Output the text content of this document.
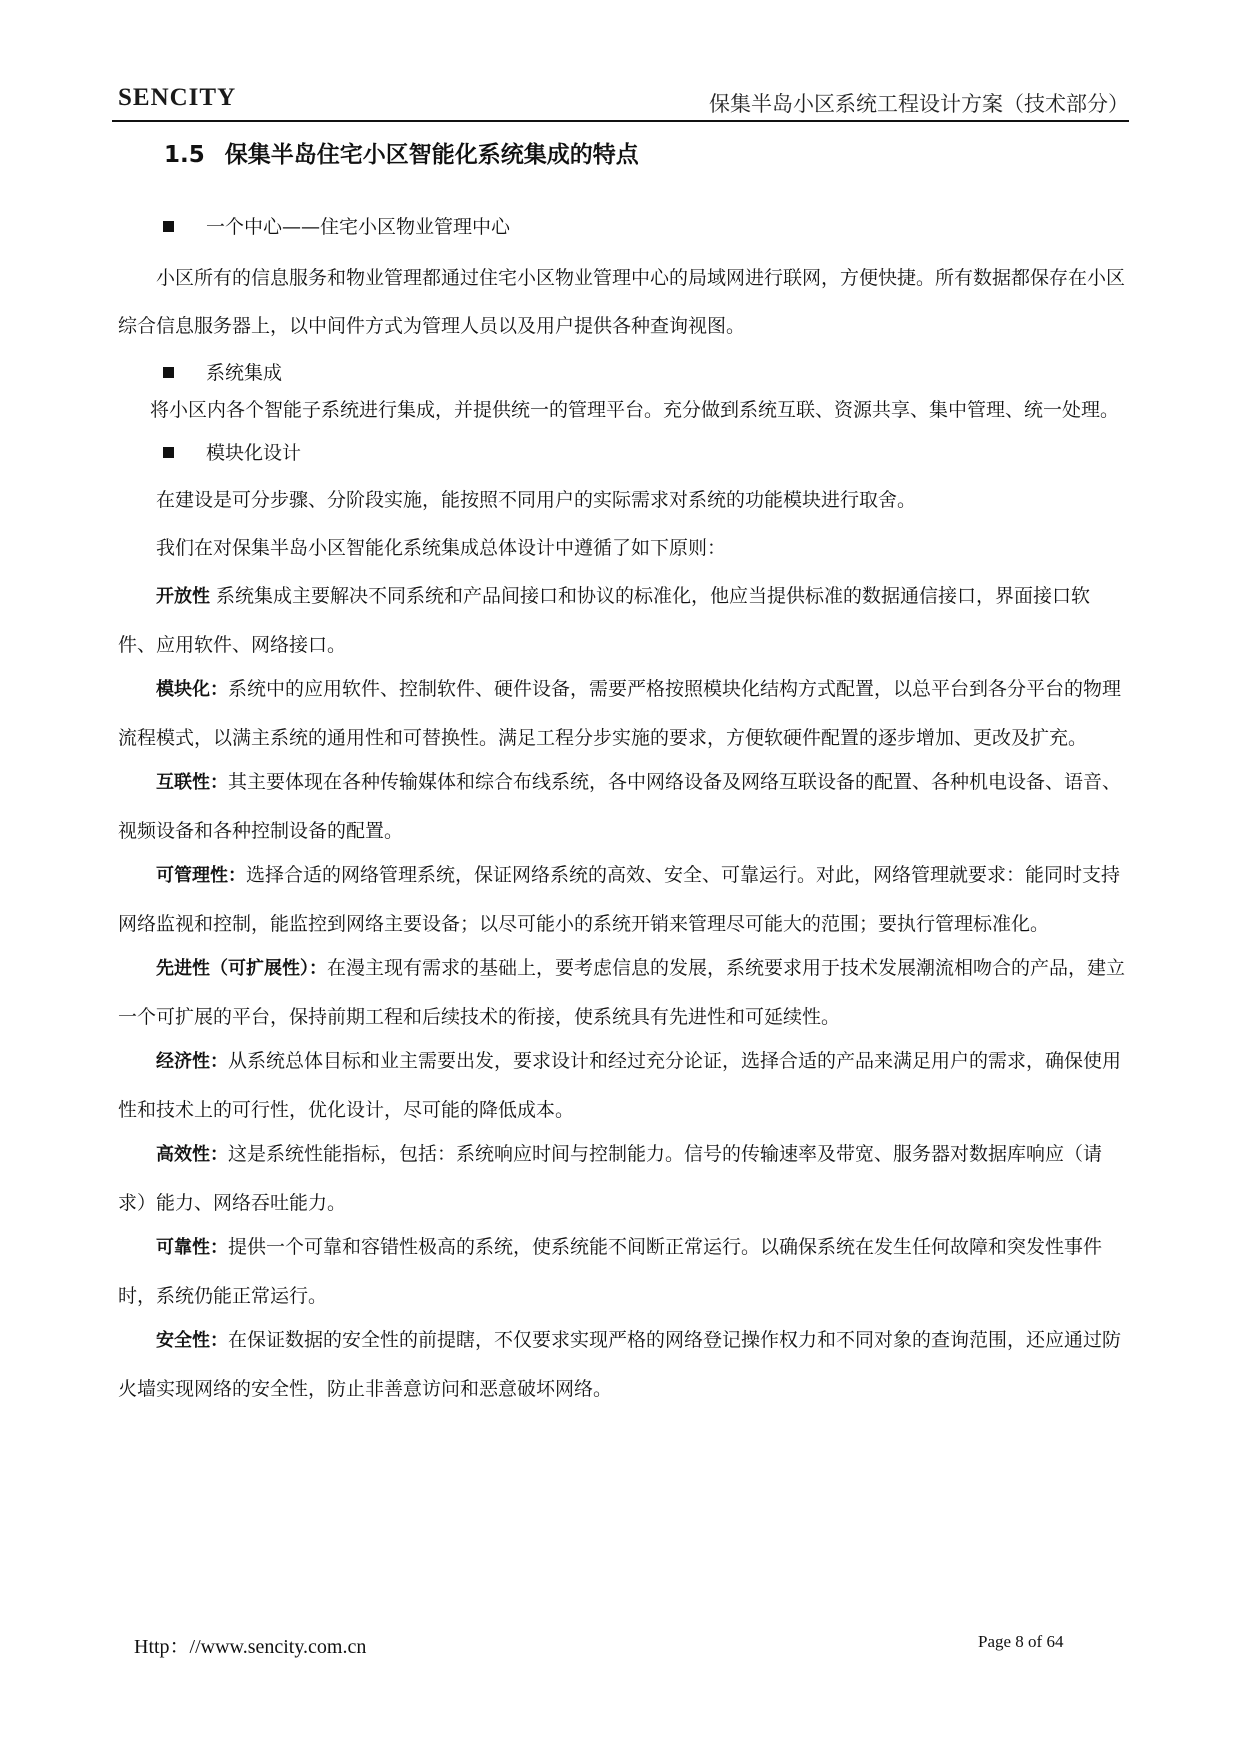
SENCITY	保集半岛小区系统工程设计方案（技术部分）
1.5 保集半岛住宅小区智能化系统集成的特点
一个中心——住宅小区物业管理中心

小区所有的信息服务和物业管理都通过住宅小区物业管理中心的局域网进行联网，方便快捷。所有数据都保存在小区综合信息服务器上，以中间件方式为管理人员以及用户提供各种查询视图。

系统集成

将小区内各个智能子系统进行集成，并提供统一的管理平台。充分做到系统互联、资源共享、集中管理、统一处理。

模块化设计

在建设是可分步骤、分阶段实施，能按照不同用户的实际需求对系统的功能模块进行取舍。

我们在对保集半岛小区智能化系统集成总体设计中遵循了如下原则：

开放性 系统集成主要解决不同系统和产品间接口和协议的标准化，他应当提供标准的数据通信接口，界面接口软件、应用软件、网络接口。

模块化：系统中的应用软件、控制软件、硬件设备，需要严格按照模块化结构方式配置，以总平台到各分平台的物理流程模式，以满主系统的通用性和可替换性。满足工程分步实施的要求，方便软硬件配置的逐步增加、更改及扩充。

互联性：其主要体现在各种传输媒体和综合布线系统，各中网络设备及网络互联设备的配置、各种机电设备、语音、视频设备和各种控制设备的配置。

可管理性：选择合适的网络管理系统，保证网络系统的高效、安全、可靠运行。对此，网络管理就要求：能同时支持网络监视和控制，能监控到网络主要设备；以尽可能小的系统开销来管理尽可能大的范围；要执行管理标准化。

先进性（可扩展性）：在漫主现有需求的基础上，要考虑信息的发展，系统要求用于技术发展潮流相吻合的产品，建立一个可扩展的平台，保持前期工程和后续技术的衔接，使系统具有先进性和可延续性。

经济性：从系统总体目标和业主需要出发，要求设计和经过充分论证，选择合适的产品来满足用户的需求，确保使用性和技术上的可行性，优化设计，尽可能的降低成本。

高效性：这是系统性能指标，包括：系统响应时间与控制能力。信号的传输速率及带宽、服务器对数据库响应（请求）能力、网络吞吐能力。

可靠性：提供一个可靠和容错性极高的系统，使系统能不间断正常运行。以确保系统在发生任何故障和突发性事件时，系统仍能正常运行。

安全性：在保证数据的安全性的前提瞎，不仅要求实现严格的网络登记操作权力和不同对象的查询范围，还应通过防火墙实现网络的安全性，防止非善意访问和恶意破坏网络。

Http：//www.sencity.com.cn	Page 8 of 64
